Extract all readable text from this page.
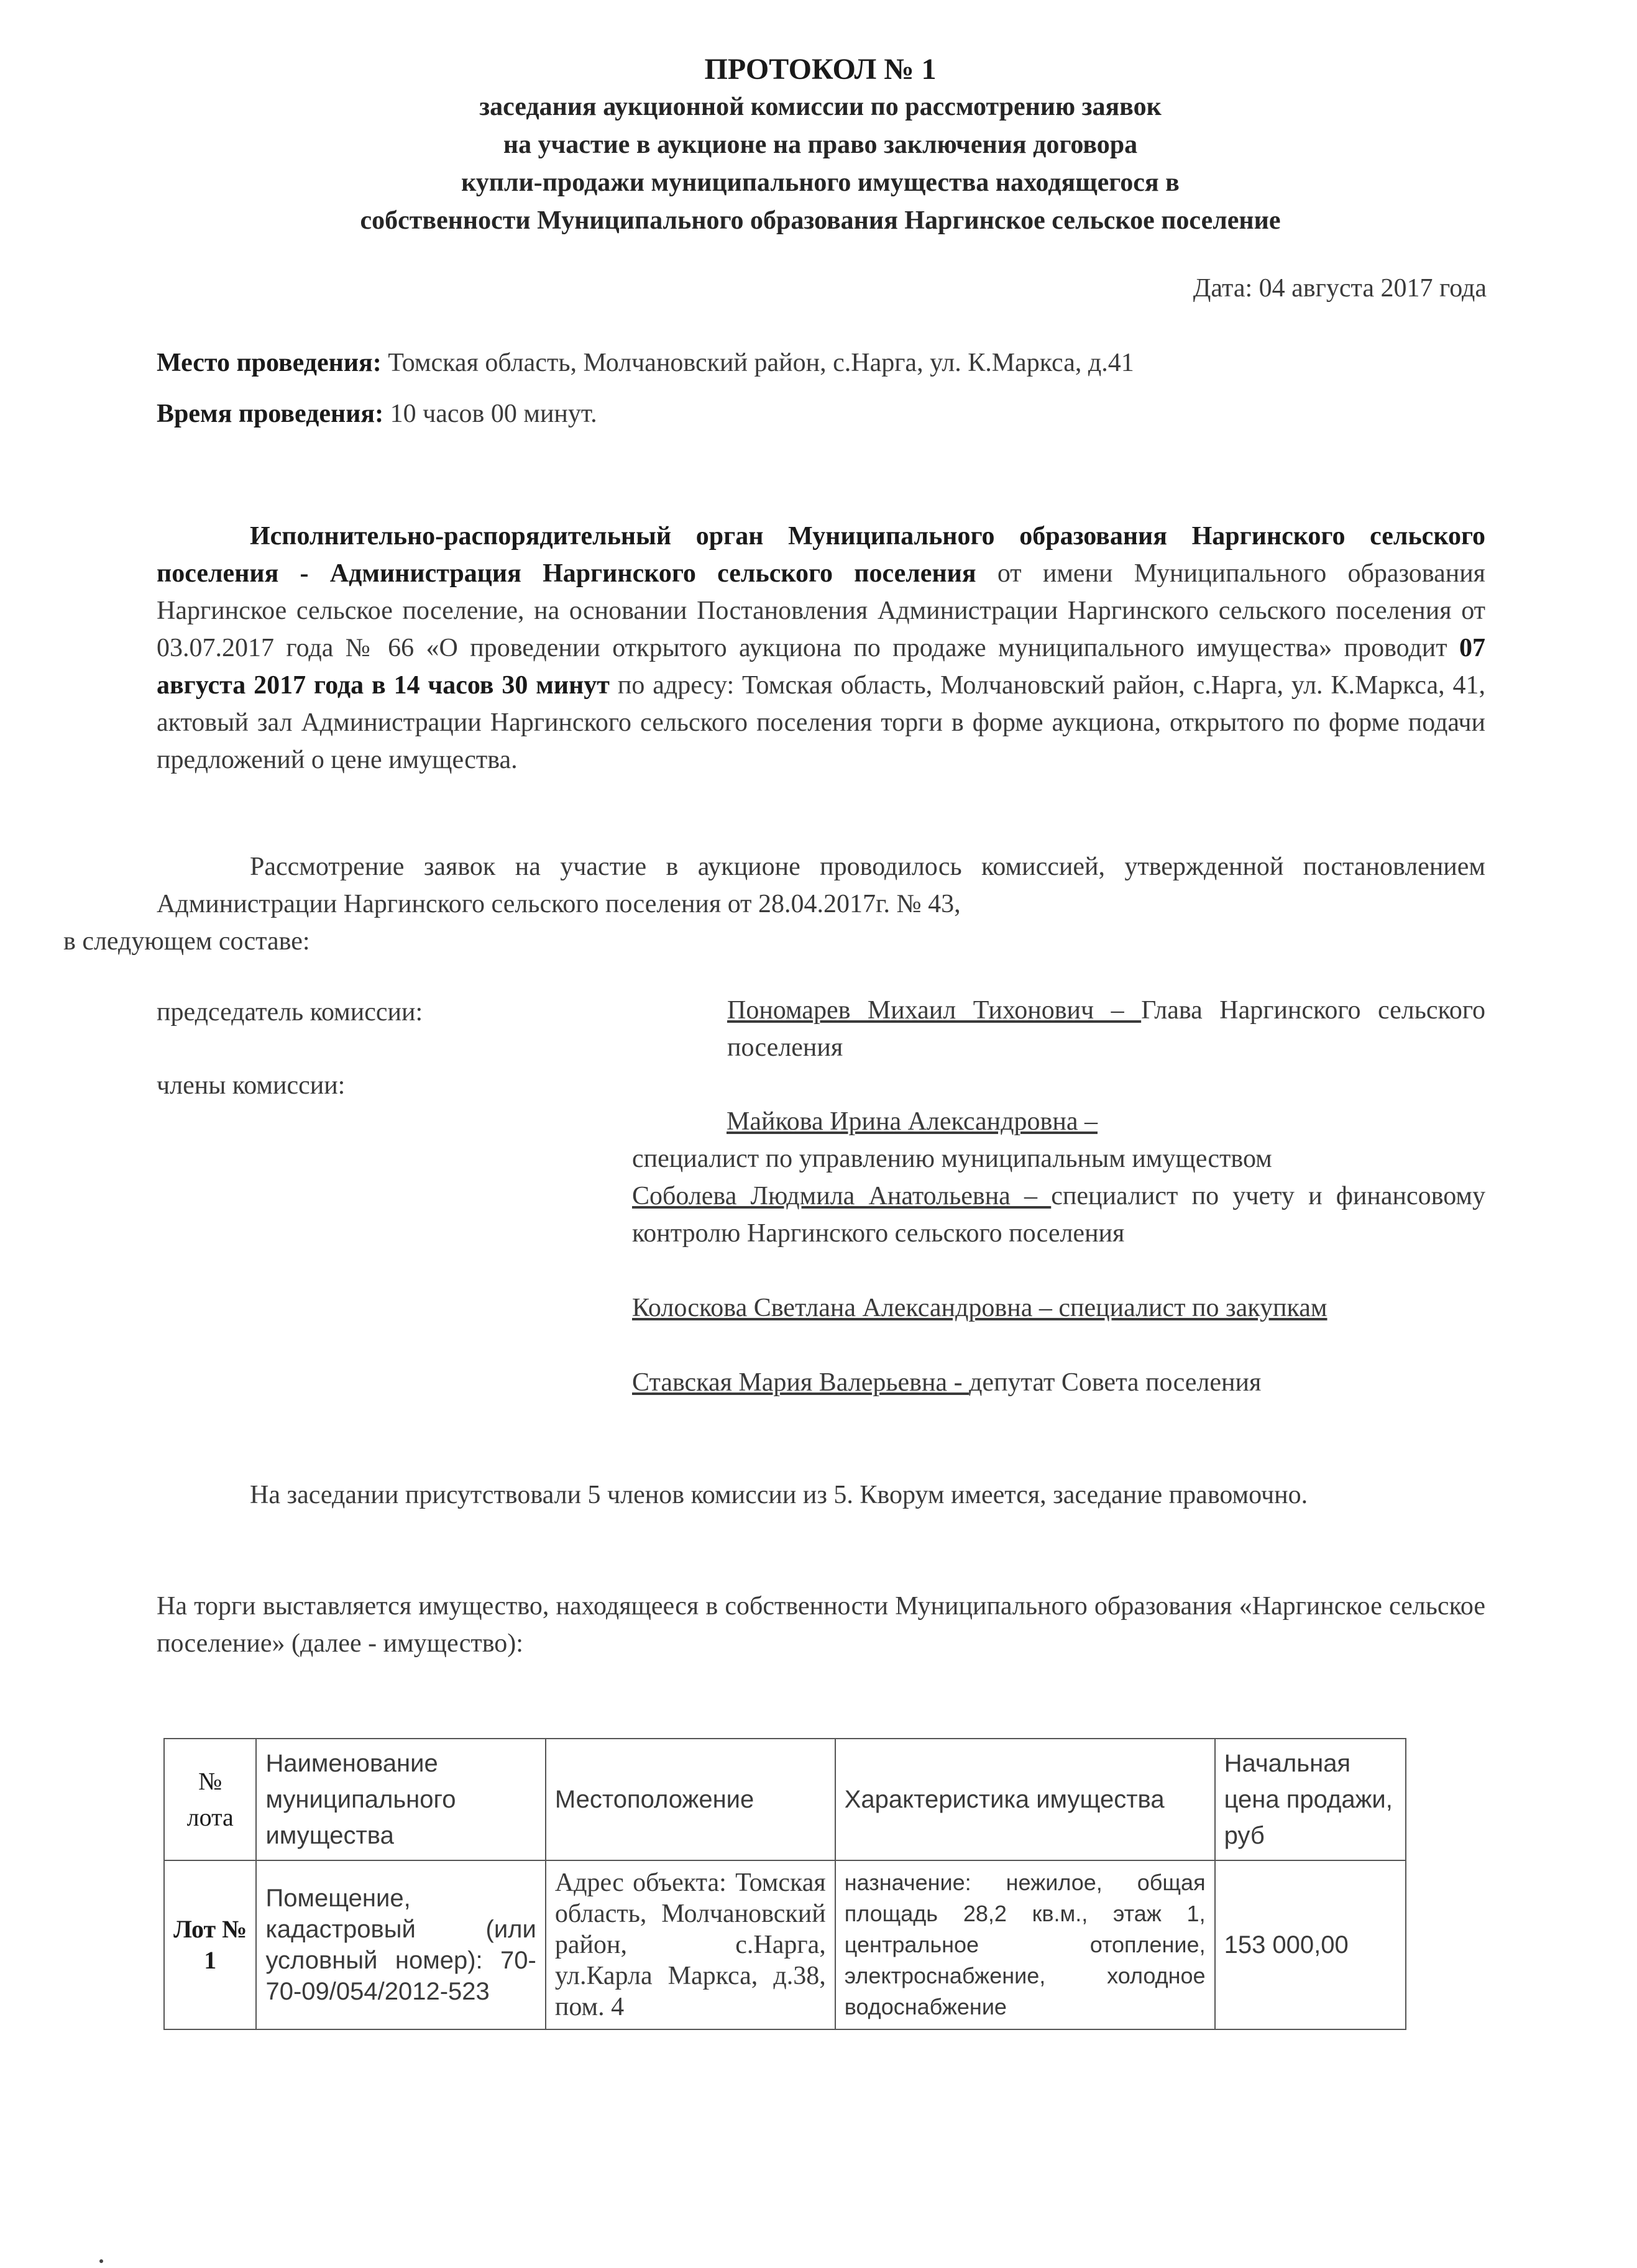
ПРОТОКОЛ № 1
заседания аукционной комиссии по рассмотрению заявок
на участие в аукционе на право заключения договора
купли-продажи муниципального имущества находящегося в
собственности Муниципального образования Наргинское сельское поселение
Дата: 04 августа 2017 года
Место проведения: Томская область, Молчановский район, с.Нарга, ул. К.Маркса, д.41
Время проведения: 10 часов 00 минут.
Исполнительно-распорядительный орган Муниципального образования Наргинского сельского поселения - Администрация Наргинского сельского поселения от имени Муниципального образования Наргинское сельское поселение, на основании Постановления Администрации Наргинского сельского поселения от 03.07.2017 года № 66 «О проведении открытого аукциона по продаже муниципального имущества» проводит 07 августа 2017 года в 14 часов 30 минут по адресу: Томская область, Молчановский район, с.Нарга, ул. К.Маркса, 41, актовый зал Администрации Наргинского сельского поселения торги в форме аукциона, открытого по форме подачи предложений о цене имущества.
Рассмотрение заявок на участие в аукционе проводилось комиссией, утвержденной постановлением Администрации Наргинского сельского поселения от 28.04.2017г. № 43,
в следующем составе:
председатель комиссии:	Пономарев Михаил Тихонович – Глава Наргинского сельского поселения
члены комиссии:
Майкова Ирина Александровна –
специалист по управлению муниципальным имуществом
Соболева Людмила Анатольевна – специалист по учету и финансовому контролю Наргинского сельского поселения
Колоскова Светлана Александровна – специалист по закупкам
Ставская Мария Валерьевна - депутат Совета поселения
На заседании присутствовали 5 членов комиссии из 5. Кворум имеется, заседание правомочно.
На торги выставляется имущество, находящееся в собственности Муниципального образования «Наргинское сельское поселение» (далее - имущество):
№ лота	Наименование муниципального имущества	Местоположение	Характеристика имущества	Начальная цена продажи, руб
Лот № 1	Помещение, кадастровый (или условный номер): 70-70-09/054/2012-523	Адрес объекта: Томская область, Молчановский район, с.Нарга, ул.Карла Маркса, д.38, пом. 4	назначение: нежилое, общая площадь 28,2 кв.м., этаж 1, центральное отопление, электроснабжение, холодное водоснабжение	153 000,00
